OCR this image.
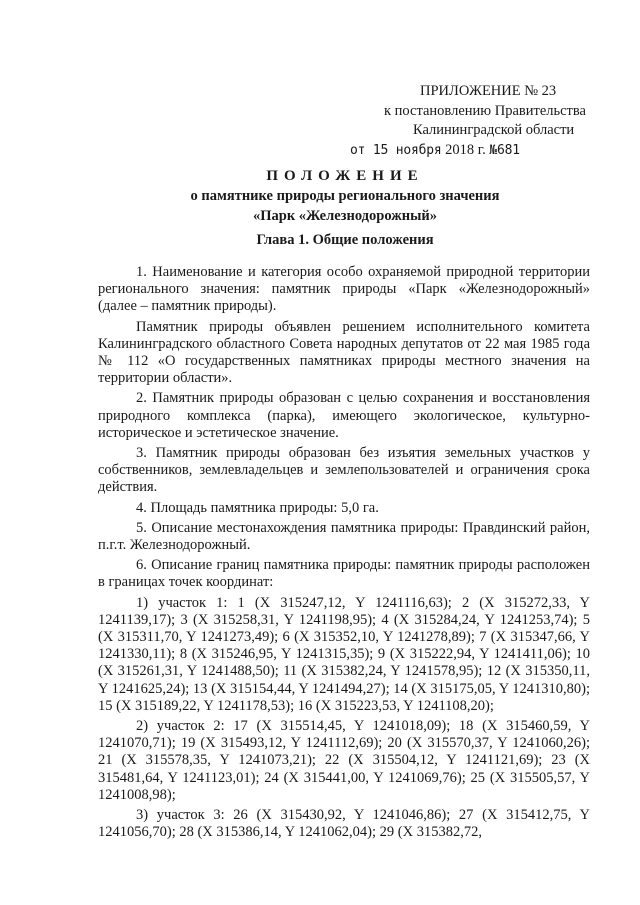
ПРИЛОЖЕНИЕ № 23
к постановлению Правительства
Калининградской области
от 15 ноября 2018 г. №681
ПОЛОЖЕНИЕ
о памятнике природы регионального значения
«Парк «Железнодорожный»
Глава 1. Общие положения

1. Наименование и категория особо охраняемой природной территории регионального значения: памятник природы «Парк «Железнодорожный» (далее – памятник природы).

Памятник природы объявлен решением исполнительного комитета Калининградского областного Совета народных депутатов от 22 мая 1985 года № 112 «О государственных памятниках природы местного значения на территории области».

2. Памятник природы образован с целью сохранения и восстановления природного комплекса (парка), имеющего экологическое, культурно-историческое и эстетическое значение.

3. Памятник природы образован без изъятия земельных участков у собственников, землевладельцев и землепользователей и ограничения срока действия.

4. Площадь памятника природы: 5,0 га.

5. Описание местонахождения памятника природы: Правдинский район, п.г.т. Железнодорожный.

6. Описание границ памятника природы: памятник природы расположен в границах точек координат:

1) участок 1: 1 (X 315247,12, Y 1241116,63); 2 (X 315272,33, Y 1241139,17); 3 (X 315258,31, Y 1241198,95); 4 (X 315284,24, Y 1241253,74); 5 (X 315311,70, Y 1241273,49); 6 (X 315352,10, Y 1241278,89); 7 (X 315347,66, Y 1241330,11); 8 (X 315246,95, Y 1241315,35); 9 (X 315222,94, Y 1241411,06); 10 (X 315261,31, Y 1241488,50); 11 (X 315382,24, Y 1241578,95); 12 (X 315350,11, Y 1241625,24); 13 (X 315154,44, Y 1241494,27); 14 (X 315175,05, Y 1241310,80); 15 (X 315189,22, Y 1241178,53); 16 (X 315223,53, Y 1241108,20);

2) участок 2: 17 (X 315514,45, Y 1241018,09); 18 (X 315460,59, Y 1241070,71); 19 (X 315493,12, Y 1241112,69); 20 (X 315570,37, Y 1241060,26); 21 (X 315578,35, Y 1241073,21); 22 (X 315504,12, Y 1241121,69); 23 (X 315481,64, Y 1241123,01); 24 (X 315441,00, Y 1241069,76); 25 (X 315505,57, Y 1241008,98);

3) участок 3: 26 (X 315430,92, Y 1241046,86); 27 (X 315412,75, Y 1241056,70); 28 (X 315386,14, Y 1241062,04); 29 (X 315382,72,
